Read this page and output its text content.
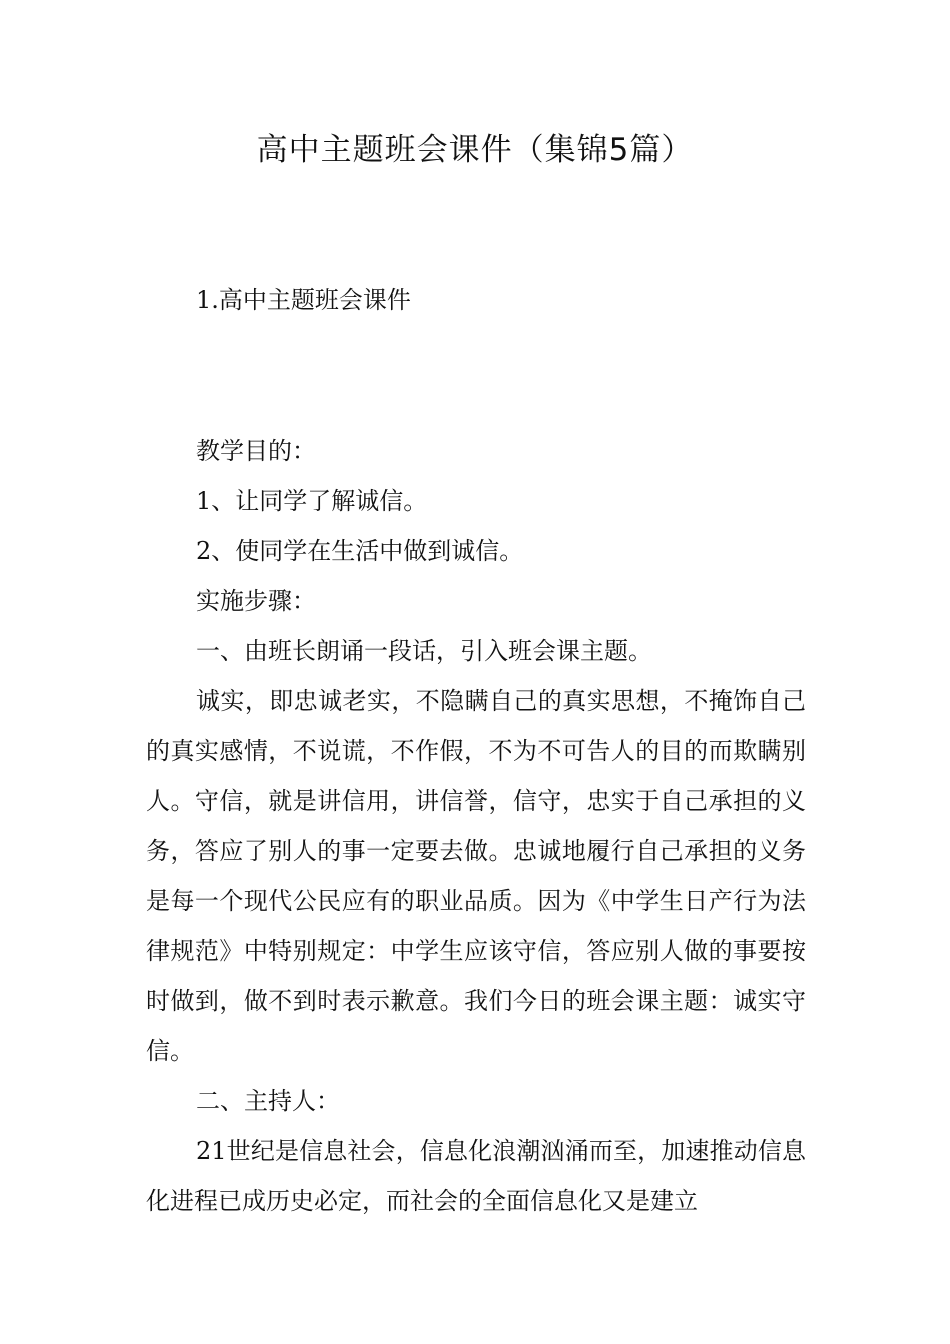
高中主题班会课件（集锦5篇）

1.高中主题班会课件

教学目的：

1、让同学了解诚信。

2、使同学在生活中做到诚信。

实施步骤：

一、由班长朗诵一段话，引入班会课主题。

诚实，即忠诚老实，不隐瞒自己的真实思想，不掩饰自己的真实感情，不说谎，不作假，不为不可告人的目的而欺瞒别人。守信，就是讲信用，讲信誉，信守，忠实于自己承担的义务，答应了别人的事一定要去做。忠诚地履行自己承担的义务是每一个现代公民应有的职业品质。因为《中学生日产行为法律规范》中特别规定：中学生应该守信，答应别人做的事要按时做到，做不到时表示歉意。我们今日的班会课主题：诚实守信。

二、主持人：

21世纪是信息社会，信息化浪潮汹涌而至，加速推动信息化进程已成历史必定，而社会的全面信息化又是建立
